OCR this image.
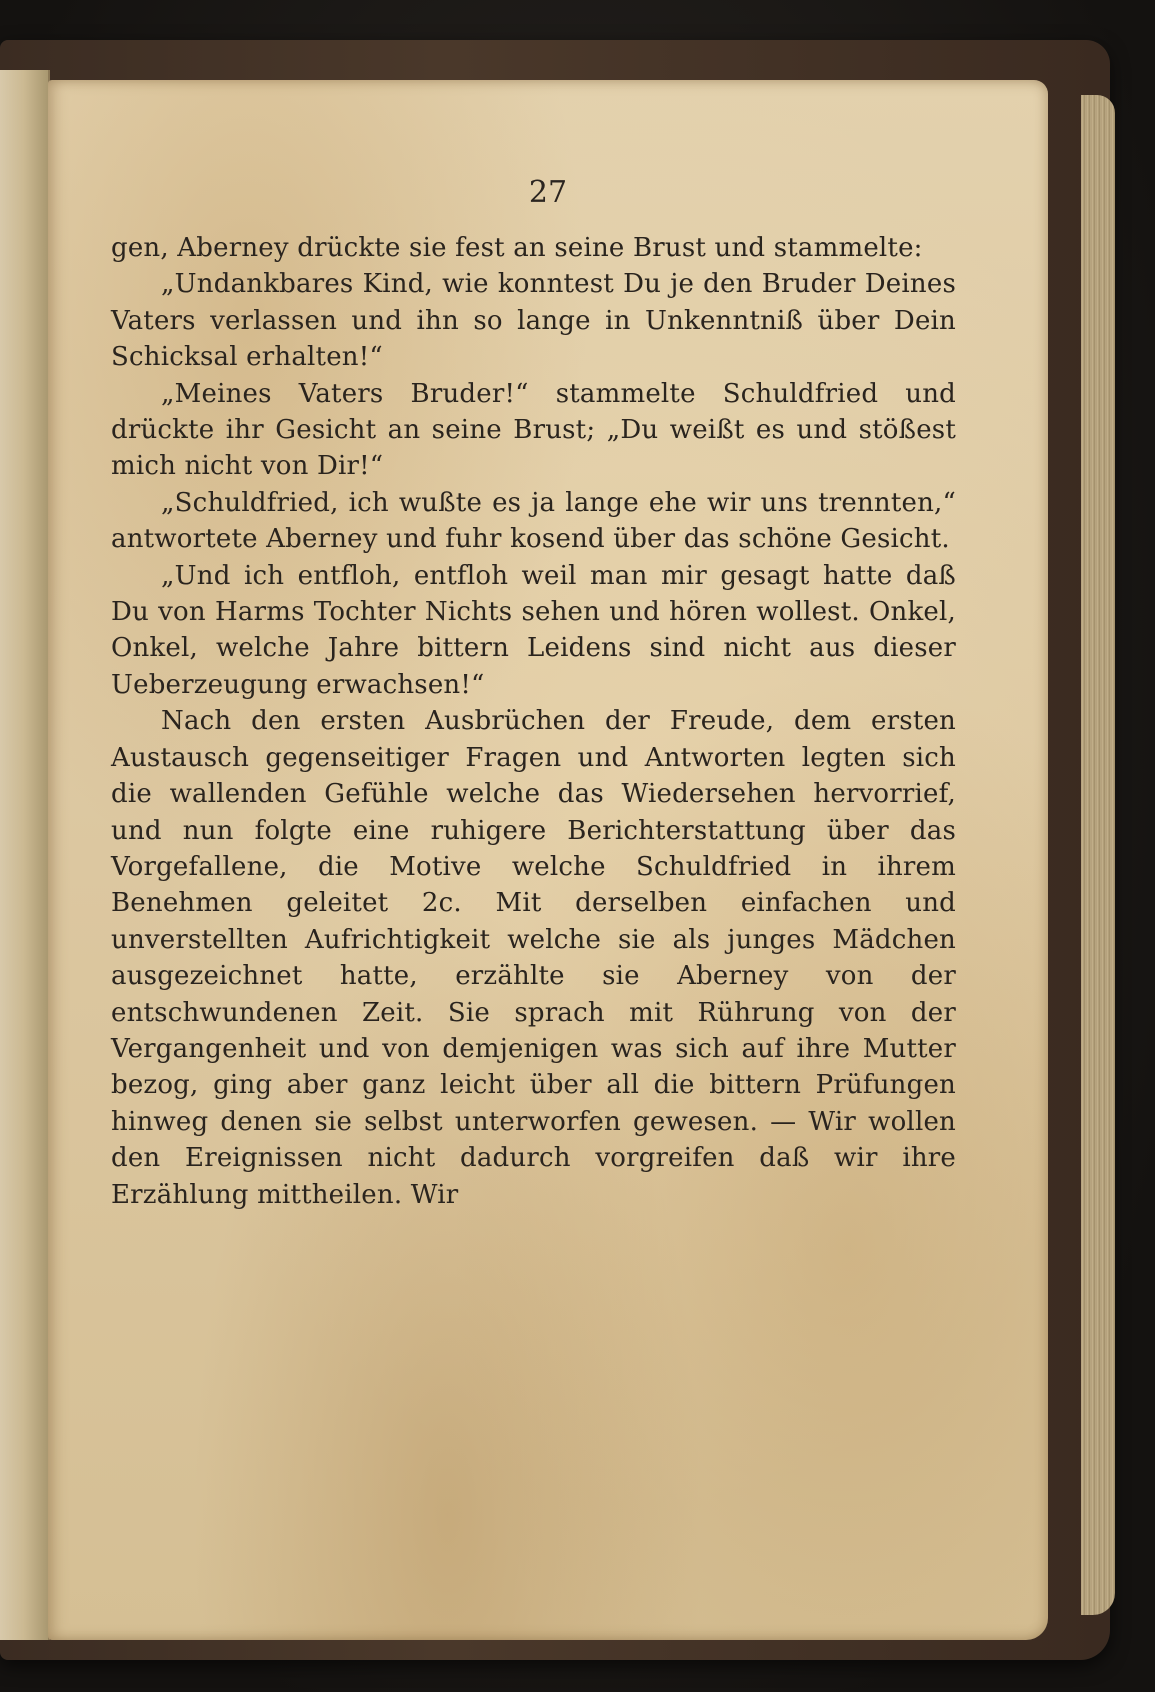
27

gen, Aberney drückte sie fest an seine Brust und stammelte:

„Undankbares Kind, wie konntest Du je den Bruder Deines Vaters verlassen und ihn so lange in Unkenntniß über Dein Schicksal erhalten!“

„Meines Vaters Bruder!“ stammelte Schuldfried und drückte ihr Gesicht an seine Brust; „Du weißt es und stößest mich nicht von Dir!“

„Schuldfried, ich wußte es ja lange ehe wir uns trennten,“ antwortete Aberney und fuhr kosend über das schöne Gesicht.

„Und ich entfloh, entfloh weil man mir gesagt hatte daß Du von Harms Tochter Nichts sehen und hören wollest. Onkel, Onkel, welche Jahre bittern Leidens sind nicht aus dieser Ueberzeugung erwachsen!“

Nach den ersten Ausbrüchen der Freude, dem ersten Austausch gegenseitiger Fragen und Antworten legten sich die wallenden Gefühle welche das Wiedersehen hervorrief, und nun folgte eine ruhigere Berichterstattung über das Vorgefallene, die Motive welche Schuldfried in ihrem Benehmen geleitet 2c. Mit derselben einfachen und unverstellten Aufrichtigkeit welche sie als junges Mädchen ausgezeichnet hatte, erzählte sie Aberney von der entschwundenen Zeit. Sie sprach mit Rührung von der Vergangenheit und von demjenigen was sich auf ihre Mutter bezog, ging aber ganz leicht über all die bittern Prüfungen hinweg denen sie selbst unterworfen gewesen. — Wir wollen den Ereignissen nicht dadurch vorgreifen daß wir ihre Erzählung mittheilen. Wir
